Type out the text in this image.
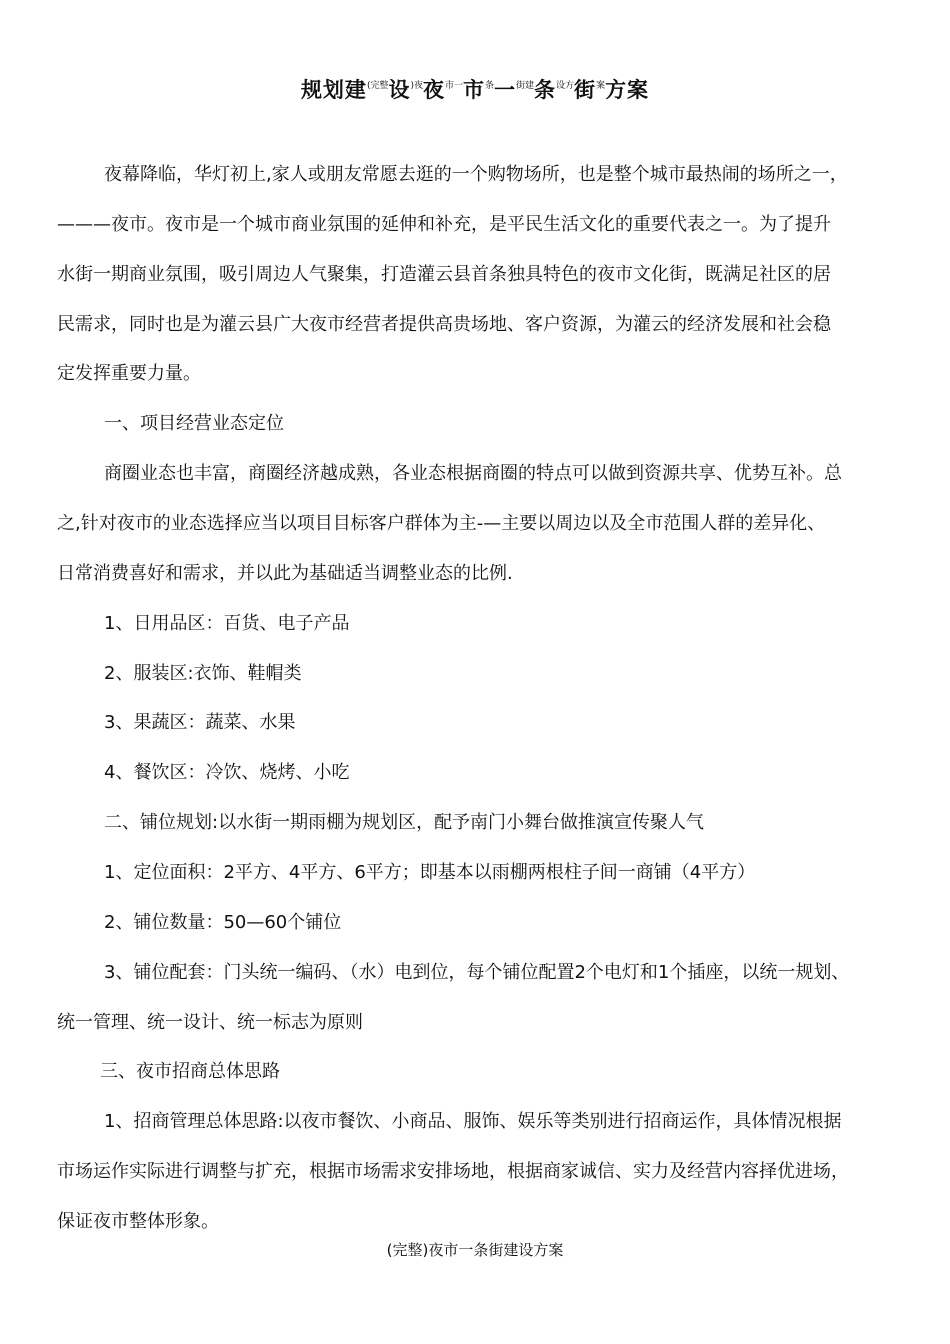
规划建$^{(完整}$设$^{)夜}$夜$^{市一}$市$^条$一$^{街建}$条$^{设方}$街$^案$方案
夜幕降临，华灯初上,家人或朋友常愿去逛的一个购物场所，也是整个城市最热闹的场所之一，
———夜市。夜市是一个城市商业氛围的延伸和补充，是平民生活文化的重要代表之一。为了提升
水街一期商业氛围，吸引周边人气聚集，打造灌云县首条独具特色的夜市文化街，既满足社区的居
民需求，同时也是为灌云县广大夜市经营者提供高贵场地、客户资源，为灌云的经济发展和社会稳
定发挥重要力量。
一、项目经营业态定位
商圈业态也丰富，商圈经济越成熟，各业态根据商圈的特点可以做到资源共享、优势互补。总
之,针对夜市的业态选择应当以项目目标客户群体为主-—主要以周边以及全市范围人群的差异化、
日常消费喜好和需求，并以此为基础适当调整业态的比例.
1、日用品区：百货、电子产品
2、服装区:衣饰、鞋帽类
3、果蔬区：蔬菜、水果
4、餐饮区：冷饮、烧烤、小吃
二、铺位规划:以水街一期雨棚为规划区，配予南门小舞台做推演宣传聚人气
1、定位面积：2平方、4平方、6平方；即基本以雨棚两根柱子间一商铺（4平方）
2、铺位数量：50—60个铺位
3、铺位配套：门头统一编码、（水）电到位，每个铺位配置2个电灯和1个插座，以统一规划、
统一管理、统一设计、统一标志为原则
三、夜市招商总体思路
1、招商管理总体思路:以夜市餐饮、小商品、服饰、娱乐等类别进行招商运作，具体情况根据
市场运作实际进行调整与扩充，根据市场需求安排场地，根据商家诚信、实力及经营内容择优进场，
保证夜市整体形象。
(完整)夜市一条街建设方案
